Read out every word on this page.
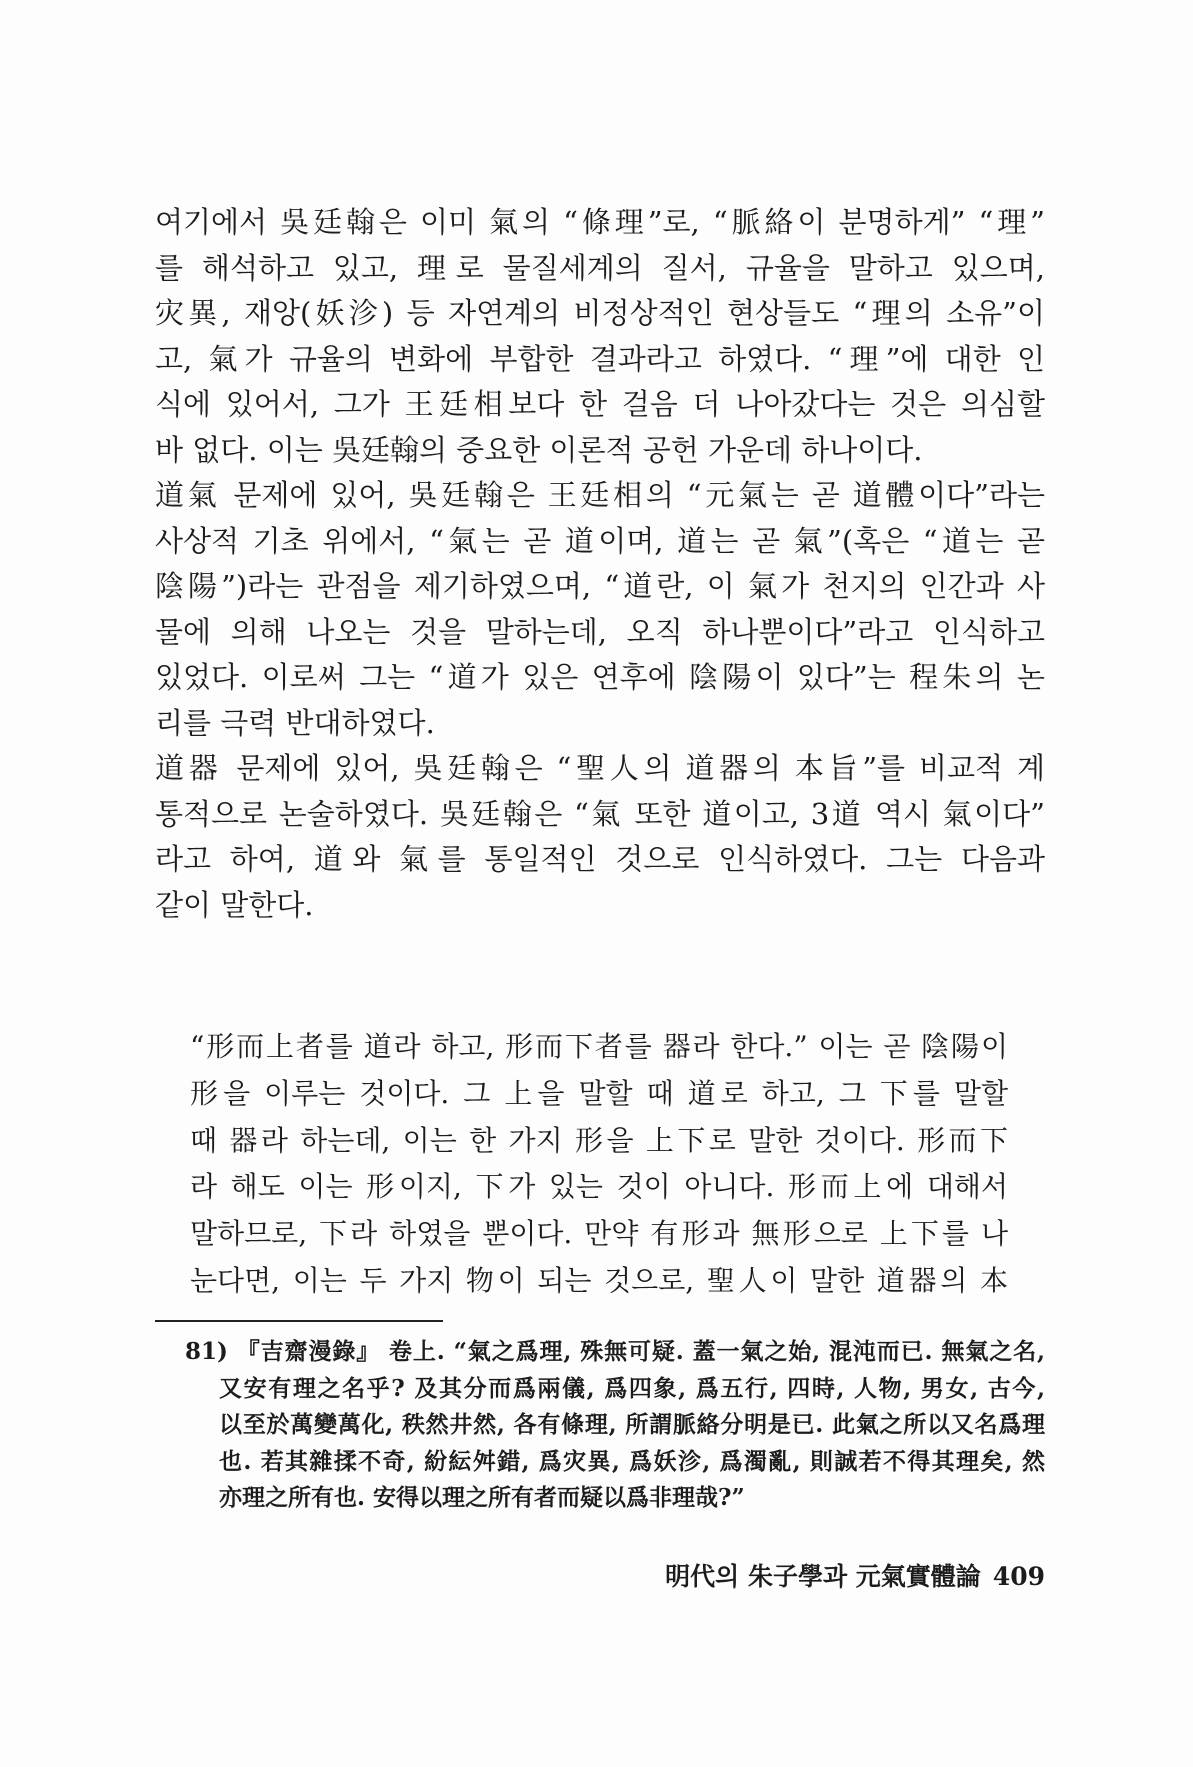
여기에서 吳廷翰은 이미 氣의 “條理”로, “脈絡이 분명하게” “理”
를 해석하고 있고, 理로 물질세계의 질서, 규율을 말하고 있으며,
灾異, 재앙(妖沴) 등 자연계의 비정상적인 현상들도 “理의 소유”이
고, 氣가 규율의 변화에 부합한 결과라고 하였다. “理”에 대한 인
식에 있어서, 그가 王廷相보다 한 걸음 더 나아갔다는 것은 의심할
바 없다. 이는 吳廷翰의 중요한 이론적 공헌 가운데 하나이다.
道氣 문제에 있어, 吳廷翰은 王廷相의 “元氣는 곧 道體이다”라는
사상적 기초 위에서, “氣는 곧 道이며, 道는 곧 氣”(혹은 “道는 곧
陰陽”)라는 관점을 제기하였으며, “道란, 이 氣가 천지의 인간과 사
물에 의해 나오는 것을 말하는데, 오직 하나뿐이다”라고 인식하고
있었다. 이로써 그는 “道가 있은 연후에 陰陽이 있다”는 程朱의 논
리를 극력 반대하였다.
道器 문제에 있어, 吳廷翰은 “聖人의 道器의 本旨”를 비교적 계
통적으로 논술하였다. 吳廷翰은 “氣 또한 道이고, 3道 역시 氣이다”
라고 하여, 道와 氣를 통일적인 것으로 인식하였다. 그는 다음과
같이 말한다.
“形而上者를 道라 하고, 形而下者를 器라 한다.” 이는 곧 陰陽이
形을 이루는 것이다. 그 上을 말할 때 道로 하고, 그 下를 말할
때 器라 하는데, 이는 한 가지 形을 上下로 말한 것이다. 形而下
라 해도 이는 形이지, 下가 있는 것이 아니다. 形而上에 대해서
말하므로, 下라 하였을 뿐이다. 만약 有形과 無形으로 上下를 나
눈다면, 이는 두 가지 物이 되는 것으로, 聖人이 말한 道器의 本
81) 『吉齋漫錄』 卷上. “氣之爲理, 殊無可疑. 蓋一氣之始, 混沌而已. 無氣之名,
又安有理之名乎? 及其分而爲兩儀, 爲四象, 爲五行, 四時, 人物, 男女, 古今,
以至於萬變萬化, 秩然井然, 各有條理, 所謂脈絡分明是已. 此氣之所以又名爲理
也. 若其雜揉不奇, 紛紜舛錯, 爲灾異, 爲妖沴, 爲濁亂, 則誠若不得其理矣, 然
亦理之所有也. 安得以理之所有者而疑以爲非理哉?”
明代의 朱子學과 元氣實體論 409
